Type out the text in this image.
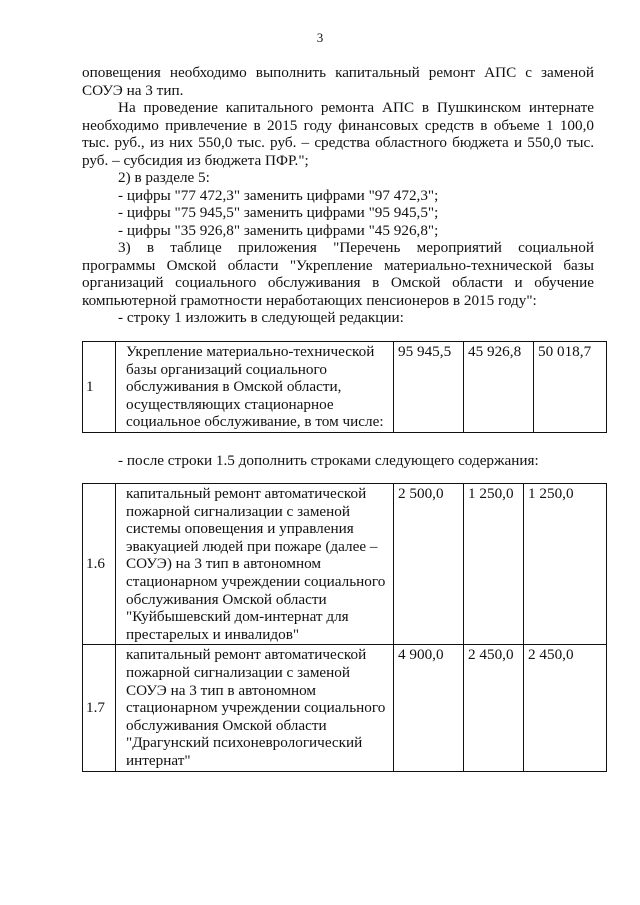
3

оповещения необходимо выполнить капитальный ремонт АПС с заменой

СОУЭ на 3 тип.

На проведение капитального ремонта АПС в Пушкинском интернате необходимо привлечение в 2015 году финансовых средств в объеме 1 100,0 тыс. руб., из них 550,0 тыс. руб. – средства областного бюджета и 550,0 тыс. руб. – субсидия из бюджета ПФР.";

2) в разделе 5:

- цифры "77 472,3" заменить цифрами "97 472,3";

- цифры "75 945,5" заменить цифрами "95 945,5";

- цифры "35 926,8" заменить цифрами "45 926,8";

3) в таблице приложения "Перечень мероприятий социальной программы Омской области "Укрепление материально-технической базы организаций социального обслуживания в Омской области и обучение компьютерной грамотности неработающих пенсионеров в 2015 году":

- строку 1 изложить в следующей редакции:

1	Укрепление материально-технической базы организаций социального обслуживания в Омской области, осуществляющих стационарное социальное обслуживание, в том числе:	95 945,5	45 926,8	50 018,7

- после строки 1.5 дополнить строками следующего содержания:

1.6	капитальный ремонт автоматической пожарной сигнализации с заменой системы оповещения и управления эвакуацией людей при пожаре (далее – СОУЭ) на 3 тип в автономном стационарном учреждении социального обслуживания Омской области "Куйбышевский дом-интернат для престарелых и инвалидов"	2 500,0	1 250,0	1 250,0
1.7	капитальный ремонт автоматической пожарной сигнализации с заменой СОУЭ на 3 тип в автономном стационарном учреждении социального обслуживания Омской области "Драгунский психоневрологический интернат"	4 900,0	2 450,0	2 450,0
